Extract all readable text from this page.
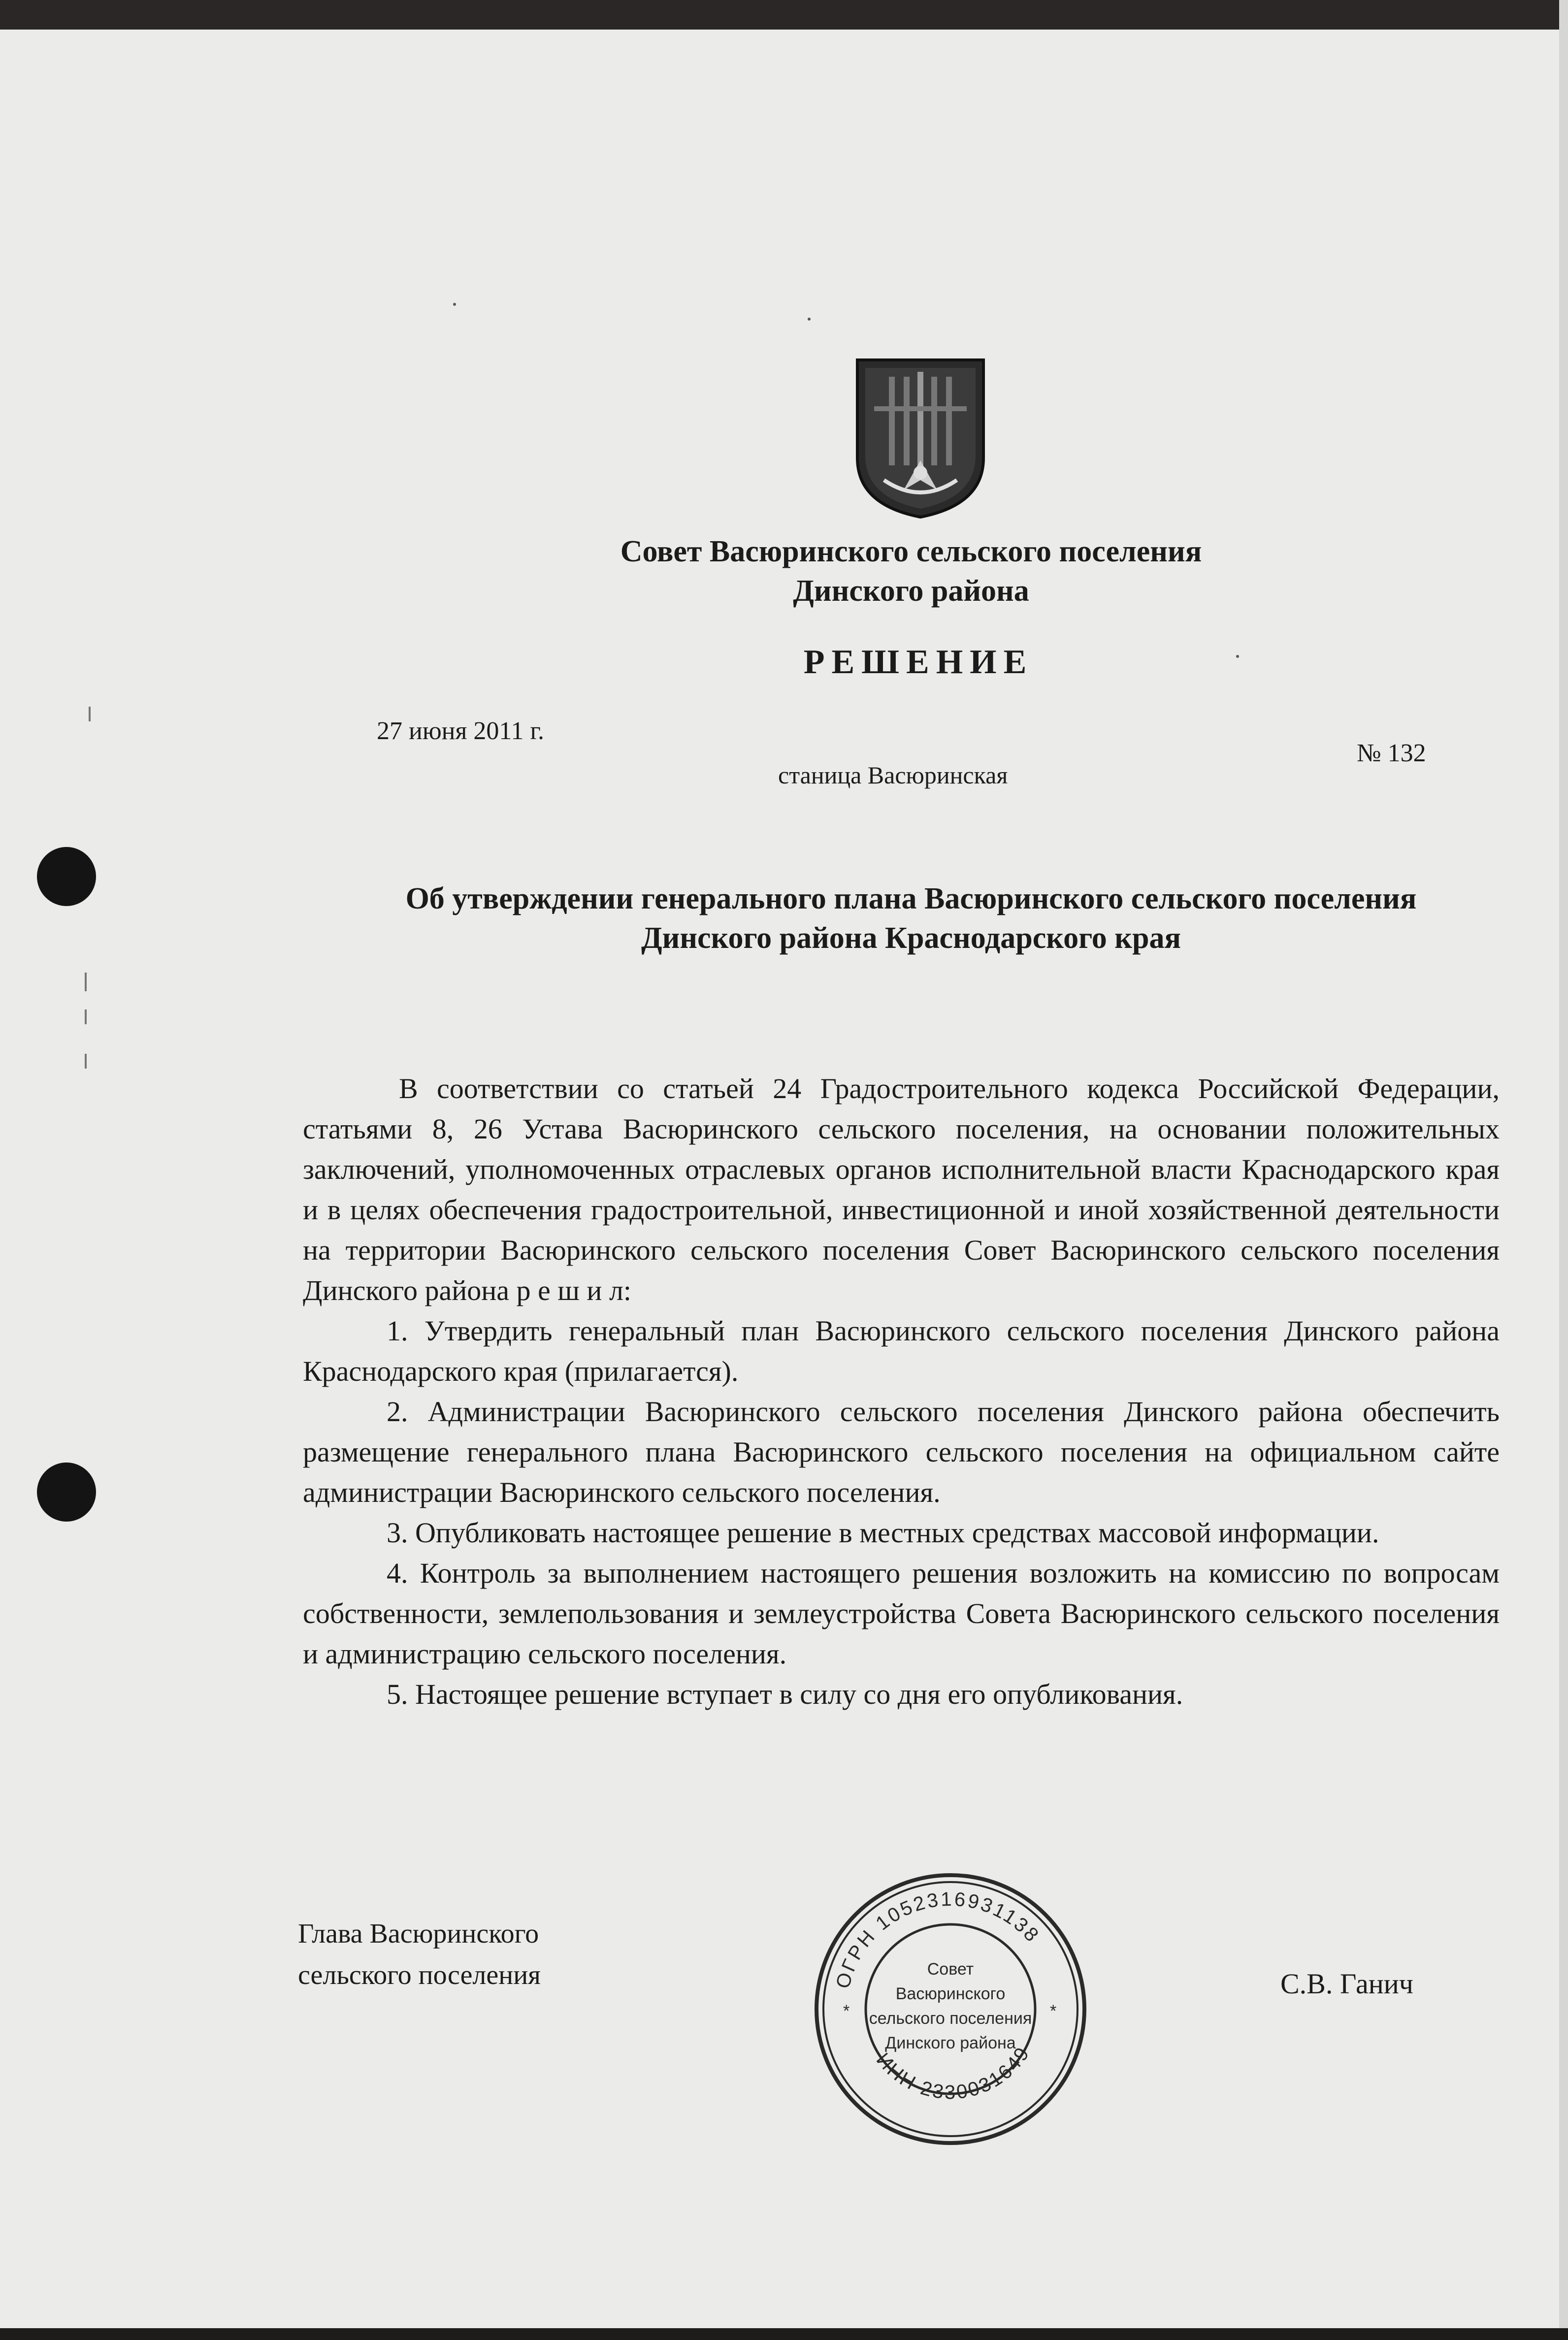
Совет Васюринского сельского поселения
Динского района
РЕШЕНИЕ
27 июня 2011 г.
№ 132
станица Васюринская
Об утверждении генерального плана Васюринского сельского поселения
Динского района Краснодарского края

В соответствии со статьей 24 Градостроительного кодекса Российской Федерации, статьями 8, 26 Устава Васюринского сельского поселения, на основании положительных заключений, уполномоченных отраслевых органов исполнительной власти Краснодарского края и в целях обеспечения градостроительной, инвестиционной и иной хозяйственной деятельности на территории Васюринского сельского поселения Совет Васюринского сельского поселения Динского района р е ш и л:

1. Утвердить генеральный план Васюринского сельского поселения Динского района Краснодарского края (прилагается).

2. Администрации Васюринского сельского поселения Динского района обеспечить размещение генерального плана Васюринского сельского поселения на официальном сайте администрации Васюринского сельского поселения.

3. Опубликовать настоящее решение в местных средствах массовой информации.

4. Контроль за выполнением настоящего решения возложить на комиссию по вопросам собственности, землепользования и землеустройства Совета Васюринского сельского поселения и администрацию сельского поселения.

5. Настоящее решение вступает в силу со дня его опубликования.

Глава Васюринского
сельского поселения	С.В. Ганич
ОГРН 1052316931138
ИНН 2330031649
*	*
Совет
Васюринского
сельского поселения
Динского района
